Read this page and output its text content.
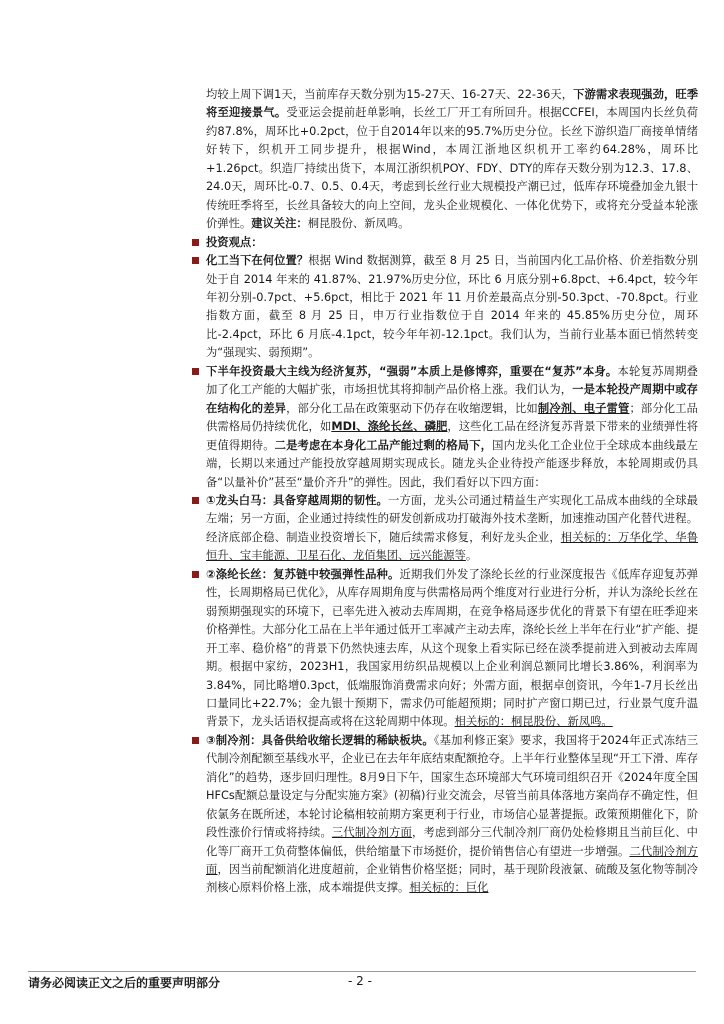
均较上周下调1天，当前库存天数分别为15-27天、16-27天、22-36天，下游需求表现强劲，旺季将至迎接景气。受亚运会提前赶单影响，长丝工厂开工有所回升。根据CCFEI，本周国内长丝负荷约87.8%，周环比+0.2pct，位于自2014年以来的95.7%历史分位。长丝下游织造厂商接单情绪好转下，织机开工同步提升，根据Wind，本周江浙地区织机开工率约64.28%，周环比+1.26pct。织造厂持续出货下，本周江浙织机POY、FDY、DTY的库存天数分别为12.3、17.8、24.0天，周环比-0.7、0.5、0.4天，考虑到长丝行业大规模投产潮已过，低库存环境叠加金九银十传统旺季将至，长丝具备较大的向上空间，龙头企业规模化、一体化优势下，或将充分受益本轮涨价弹性。建议关注：桐昆股份、新凤鸣。

投资观点：

化工当下在何位置？根据 Wind 数据测算，截至 8 月 25 日，当前国内化工品价格、价差指数分别处于自 2014 年来的 41.87%、21.97%历史分位，环比 6 月底分别+6.8pct、+6.4pct，较今年年初分别-0.7pct、+5.6pct，相比于 2021 年 11 月价差最高点分别-50.3pct、-70.8pct。行业指数方面，截至 8 月 25 日，申万行业指数位于自 2014 年来的 45.85%历史分位，周环比-2.4pct，环比 6 月底-4.1pct，较今年年初-12.1pct。我们认为，当前行业基本面已悄然转变为“强现实、弱预期”。

下半年投资最大主线为经济复苏，“强弱”本质上是修博弈，重要在“复苏”本身。本轮复苏周期叠加了化工产能的大幅扩张，市场担忧其将抑制产品价格上涨。我们认为，一是本轮投产周期中或存在结构化的差异，部分化工品在政策驱动下仍存在收缩逻辑，比如制冷剂、电子雷管；部分化工品供需格局仍持续优化，如MDI、涤纶长丝、磷肥，这些化工品在经济复苏背景下带来的业绩弹性将更值得期待。二是考虑在本身化工品产能过剩的格局下，国内龙头化工企业位于全球成本曲线最左端，长期以来通过产能投放穿越周期实现成长。随龙头企业待投产能逐步释放，本轮周期或仍具备“以量补价”甚至“量价齐升”的弹性。因此，我们看好以下四方面：

①龙头白马：具备穿越周期的韧性。一方面，龙头公司通过精益生产实现化工品成本曲线的全球最左端；另一方面，企业通过持续性的研发创新成功打破海外技术垄断，加速推动国产化替代进程。经济底部企稳、制造业投资增长下，随后续需求修复，利好龙头企业，相关标的：万华化学、华鲁恒升、宝丰能源、卫星石化、龙佰集团、远兴能源等。

②涤纶长丝：复苏链中较强弹性品种。近期我们外发了涤纶长丝的行业深度报告《低库存迎复苏弹性，长周期格局已优化》，从库存周期角度与供需格局两个维度对行业进行分析，并认为涤纶长丝在弱预期强现实的环境下，已率先进入被动去库周期，在竞争格局逐步优化的背景下有望在旺季迎来价格弹性。大部分化工品在上半年通过低开工率减产主动去库，涤纶长丝上半年在行业“扩产能、提开工率、稳价格”的背景下仍然快速去库，从这个现象上看实际已经在淡季提前进入到被动去库周期。根据中家纺，2023H1，我国家用纺织品规模以上企业利润总额同比增长3.86%，利润率为3.84%，同比略增0.3pct，低端服饰消费需求向好；外需方面，根据卓创资讯，今年1-7月长丝出口量同比+22.7%；金九银十预期下，需求仍可能超预期；同时扩产窗口期已过，行业景气度升温背景下，龙头话语权提高或将在这轮周期中体现。相关标的：桐昆股份、新凤鸣。

③制冷剂：具备供给收缩长逻辑的稀缺板块。《基加利修正案》要求，我国将于2024年正式冻结三代制冷剂配额至基线水平，企业已在去年年底结束配额抢夺。上半年行业整体呈现“开工下滑、库存消化”的趋势，逐步回归理性。8月9日下午，国家生态环境部大气环境司组织召开《2024年度全国HFCs配额总量设定与分配实施方案》(初稿)行业交流会，尽管当前具体落地方案尚存不确定性，但依氯务在既所述，本轮讨论稿相较前期方案更利于行业，市场信心显著提振。政策预期催化下，阶段性涨价行情或将持续。三代制冷剂方面，考虑到部分三代制冷剂厂商仍处检修期且当前巨化、中化等厂商开工负荷整体偏低，供给缩量下市场挺价，提价销售信心有望进一步增强。二代制冷剂方面，因当前配额消化进度超前，企业销售价格坚挺；同时，基于现阶段液氯、硫酸及氢化物等制冷剂核心原料价格上涨，成本端提供支撑。相关标的：巨化

请务必阅读正文之后的重要声明部分	- 2 -
